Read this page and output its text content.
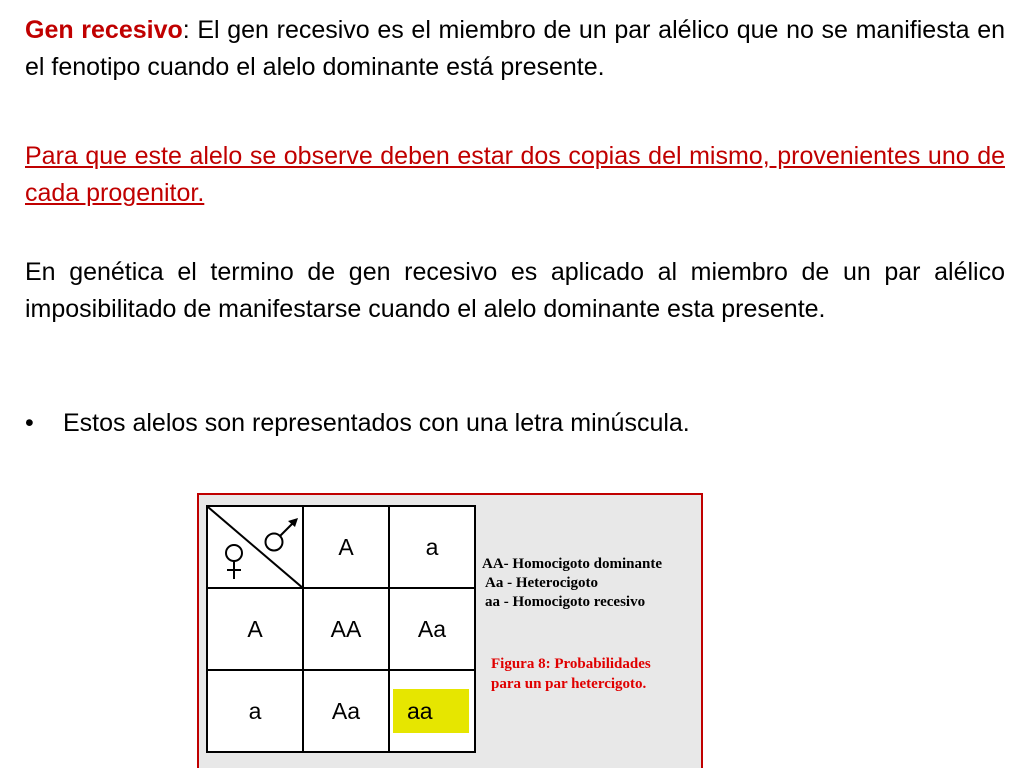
Gen recesivo: El gen recesivo es el miembro de un par alélico que no se manifiesta en el fenotipo cuando el alelo dominante está presente.

Para que este alelo se observe deben estar dos copias del mismo, provenientes uno de cada progenitor.

En genética el termino de gen recesivo es aplicado al miembro de un par alélico imposibilitado de manifestarse cuando el alelo dominante esta presente.

• Estos alelos son representados con una letra minúscula.
	A	a
A	AA	Aa
a	Aa	aa
AA- Homocigoto dominante
Aa - Heterocigoto
aa - Homocigoto recesivo
Figura 8: Probabilidades
para un par hetercigoto.
